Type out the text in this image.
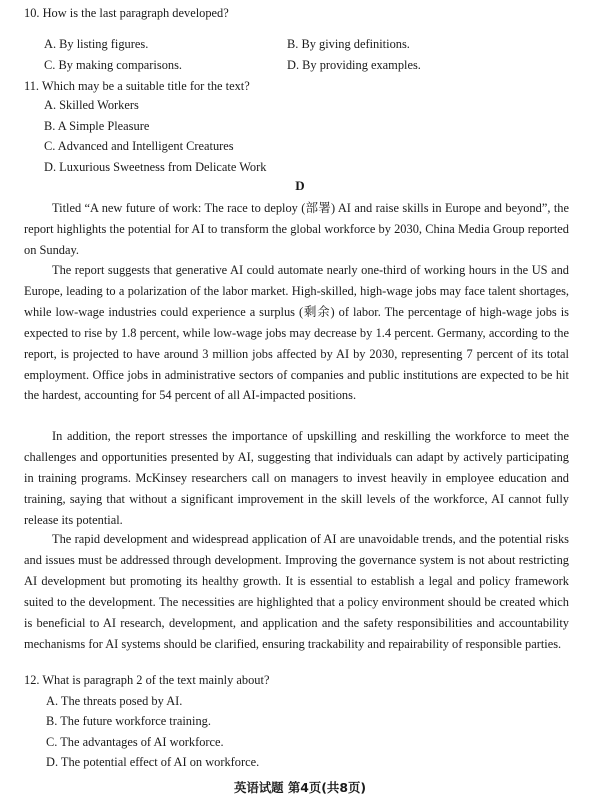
10. How is the last paragraph developed?
A. By listing figures.	B. By giving definitions.
C. By making comparisons.	D. By providing examples.
11. Which may be a suitable title for the text?
A. Skilled Workers
B. A Simple Pleasure
C. Advanced and Intelligent Creatures
D. Luxurious Sweetness from Delicate Work
D

Titled “A new future of work: The race to deploy (部署) AI and raise skills in Europe and beyond”, the report highlights the potential for AI to transform the global workforce by 2030, China Media Group reported on Sunday.

The report suggests that generative AI could automate nearly one-third of working hours in the US and Europe, leading to a polarization of the labor market. High-skilled, high-wage jobs may face talent shortages, while low-wage industries could experience a surplus (剩余) of labor. The percentage of high-wage jobs is expected to rise by 1.8 percent, while low-wage jobs may decrease by 1.4 percent. Germany, according to the report, is projected to have around 3 million jobs affected by AI by 2030, representing 7 percent of its total employment. Office jobs in administrative sectors of companies and public institutions are expected to be hit the hardest, accounting for 54 percent of all AI-impacted positions.

In addition, the report stresses the importance of upskilling and reskilling the workforce to meet the challenges and opportunities presented by AI, suggesting that individuals can adapt by actively participating in training programs. McKinsey researchers call on managers to invest heavily in employee education and training, saying that without a significant improvement in the skill levels of the workforce, AI cannot fully release its potential.

The rapid development and widespread application of AI are unavoidable trends, and the potential risks and issues must be addressed through development. Improving the governance system is not about restricting AI development but promoting its healthy growth. It is essential to establish a legal and policy framework suited to the development. The necessities are highlighted that a policy environment should be created which is beneficial to AI research, development, and application and the safety responsibilities and accountability mechanisms for AI systems should be clarified, ensuring trackability and repairability of responsible parties.

12. What is paragraph 2 of the text mainly about?
A. The threats posed by AI.
B. The future workforce training.
C. The advantages of AI workforce.
D. The potential effect of AI on workforce.
英语试题 第4页(共8页)
